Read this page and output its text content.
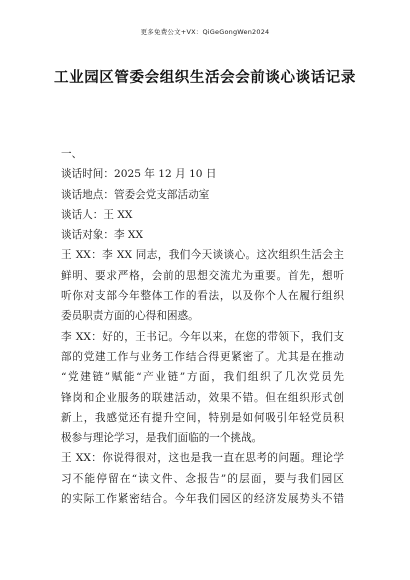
更多免费公文+VX：QiGeGongWen2024
工业园区管委会组织生活会会前谈心谈话记录
一、
谈话时间：2025 年 12 月 10 日
谈话地点：管委会党支部活动室
谈话人：王 XX
谈话对象：李 XX
王 XX：李 XX 同志，我们今天谈谈心。这次组织生活会主
鲜明、要求严格，会前的思想交流尤为重要。首先，想听
听你对支部今年整体工作的看法，以及你个人在履行组织
委员职责方面的心得和困惑。
李 XX：好的，王书记。今年以来，在您的带领下，我们支
部的党建工作与业务工作结合得更紧密了。尤其是在推动
“党建链”赋能“产业链”方面，我们组织了几次党员先
锋岗和企业服务的联建活动，效果不错。但在组织形式创
新上，我感觉还有提升空间，特别是如何吸引年轻党员积
极参与理论学习，是我们面临的一个挑战。
王 XX：你说得很对，这也是我一直在思考的问题。理论学
习不能停留在“读文件、念报告”的层面，要与我们园区
的实际工作紧密结合。今年我们园区的经济发展势头不错
